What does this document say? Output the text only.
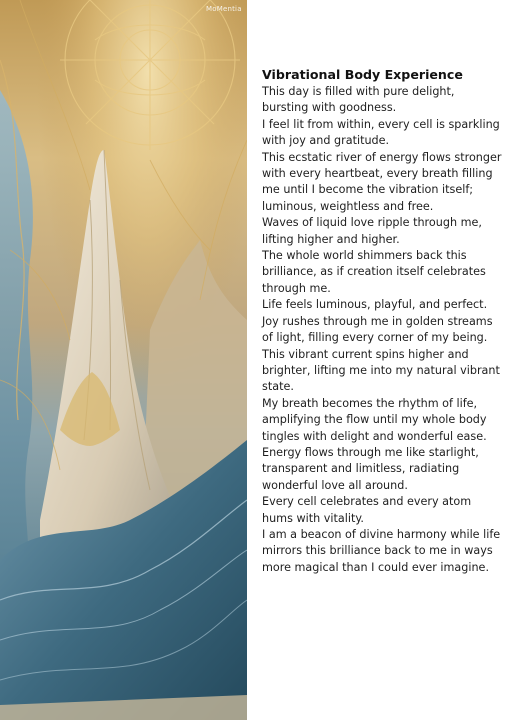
MoMentia
Vibrational Body Experience

This day is filled with pure delight, bursting with goodness.

I feel lit from within, every cell is sparkling with joy and gratitude.

This ecstatic river of energy flows stronger with every heartbeat, every breath filling me until I become the vibration itself; luminous, weightless and free.

Waves of liquid love ripple through me, lifting higher and higher.

The whole world shimmers back this brilliance, as if creation itself celebrates through me.

Life feels luminous, playful, and perfect.

Joy rushes through me in golden streams of light, filling every corner of my being.

This vibrant current spins higher and brighter, lifting me into my natural vibrant state.

My breath becomes the rhythm of life, amplifying the flow until my whole body tingles with delight and wonderful ease.

Energy flows through me like starlight, transparent and limitless, radiating wonderful love all around.

Every cell celebrates and every atom hums with vitality.

I am a beacon of divine harmony while life mirrors this brilliance back to me in ways more magical than I could ever imagine.
